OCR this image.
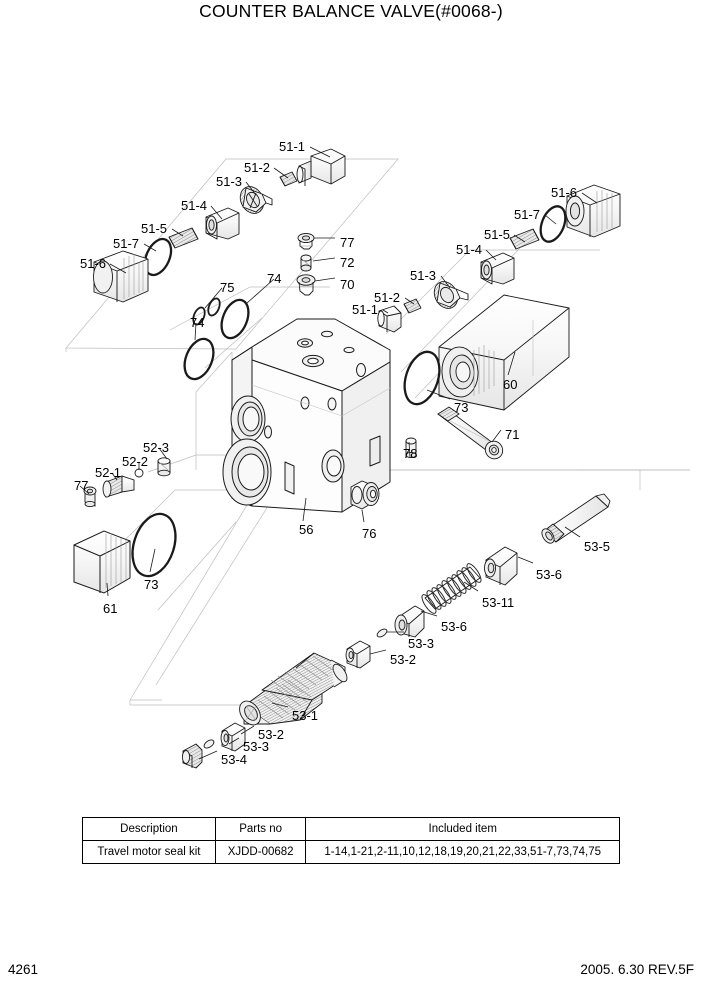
COUNTER BALANCE VALVE(#0068-)
51-1
51-2
51-3
51-4
51-5
51-7
51-6
51-6
51-7
51-5
51-4
51-3
51-2
51-1
77
72
70
75
74
74
73
71
60
78
56	76
52-3
52-2
52-1
77
73
61
53-5
53-6
53-11
53-6
53-3
53-2
53-1
53-2
53-3
53-4
Description	Parts no	Included item
Travel motor seal kit	XJDD-00682	1-14,1-21,2-11,10,12,18,19,20,21,22,33,51-7,73,74,75
4261	2005. 6.30 REV.5F
